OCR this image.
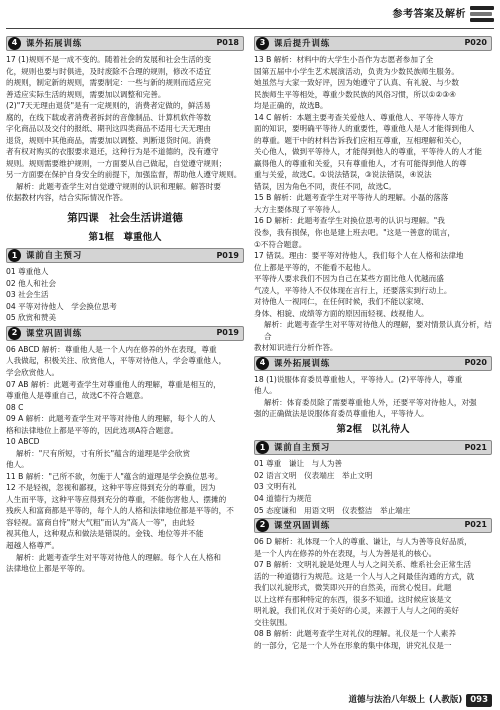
参考答案及解析
4	课外拓展训练	P018

17 (1)规则不是一成不变的。随着社会的发展和社会生活的变

化，规则也要与时俱进，及时废除不合理的规则，修改不适宜

的规则，制定新的规则，需要制定：一些与新的规则而适应完

善适应实际生活的规则，需要加以调整和完善。

(2)"7天无理由退货"是有一定规则的，消费者定做的，鲜活易

腐的，在线下载或者消费者拆封的音像制品、计算机软件等数

字化商品以及交付的报纸、期刊这四类商品不适用七天无理由

退货，规则中其他商品，需要加以调整、判断退货时间。消费

者有权对购买的衣服要求退还，这种行为是不道德的，没有遵守

规则。规则需要维护规则，一方面要从自己做起，自觉遵守规则；

另一方面要在保护自身安全的前提下，加强监督，帮助他人遵守规则。

解析：此题考查学生对自觉遵守规则的认识和理解。解答时要

依据教材内容，结合实际情况作答。

第四课　社会生活讲道德
第1框　尊重他人
1	课前自主预习	P019

01 尊重他人

02 他人和社会

03 社会生活

04 平等对待他人　学会换位思考

05 欣赏和赞美

2	课堂巩固训练	P019

06 ABCD 解析：尊重他人是一个人内在修养的外在表现，尊重

人我做起，积极关注、欣赏他人，平等对待他人，学会尊重他人，

学会欣赏他人。

07 AB 解析：此题考查学生对尊重他人的理解，尊重是相互的，

尊重他人是尊重自己，故选C不符合题意。

08 C

09 A 解析：此题考查学生对平等对待他人的理解，每个人的人

格和法律地位上都是平等的，因此选项A符合题意。

10 ABCD

解析："尺有所短，寸有所长"蕴含的道理是学会欣赏

他人。

11 B 解析："己所不欲，勿施于人"蕴含的道理是学会换位思考。

12 不是轻视，忽视和鄙视，这种平等应得到充分的尊重，因为

人生而平等，这种平等应得到充分的尊重，不能伤害他人、摆摊的

残疾人和富商都是平等的，每个人的人格和法律地位都是平等的，不

容轻视。富商自恃"财大气粗"而认为"高人一等"，由此轻

视其他人，这种观点和做法是错误的。金钱、地位等并不能

超越人格尊严。

解析：此题考查学生对平等对待他人的理解。每个人在人格和

法律地位上都是平等的。

3	课后提升训练	P020

13 B 解析：材料中的大学生小吾作为志愿者参加了全

国第五届中小学生艺术展演活动，负责为少数民族师生服务。

她虽然与大家一致好评，因为她遵守了认真、有礼貌、与少数

民族师生平等相处，尊重少数民族的风俗习惯，所以①②③④

均是正确的，故选B。

14 C 解析：本题主要考查关爱他人、尊重他人、平等待人等方

面的知识，要明确平等待人的重要性，尊重他人是人才能得到他人

的尊重。题干中的材料告诉我们应相互尊重，互相理解和关心，

关心他人，做到平等待人，才能得到他人的尊重，平等待人的人才能

赢得他人的尊重和关爱，只有尊重他人，才有可能得到他人的尊

重与关爱，故选C。①说法错误，③说法错误，④说法

错误，因为角色不同，责任不同，故选C。

15 B 解析：此题考查学生对平等待人的理解。小磊的落落

大方主要体现了平等待人。

16 D 解析：此题考查学生对换位思考的认识与理解。"我

没参，我有损保，你也是建上班去吧。"这是一善意的谎言，

①不符合题意。

17 错误。理由：要平等对待他人，我们每个人在人格和法律地

位上都是平等的，不能看不起他人。

平等待人要求我们不因为自己在某些方面比他人优越而盛

气凌人，平等待人不仅体现在言行上，还要落实到行动上。

对待他人一视同仁，在任何时候，我们不能以家境、

身体、相貌、成绩等方面的原因而轻视、歧视他人。

解析：此题考查学生对平等对待他人的理解，要对情景认真分析，结合

教材知识进行分析作答。

4	课外拓展训练	P020

18 (1)说服体育委员尊重他人，平等待人。(2)平等待人，尊重

他人。

解析：体育委员除了需要尊重他人外，还要平等对待他人，对强

强的正确做法是说服体育委员尊重他人，平等待人。

第2框　以礼待人
1	课前自主预习	P021

01 尊重　谦让　与人为善

02 语言文明　仪表端庄　举止文明

03 文明有礼

04 道德行为规范

05 态度谦和　用语文明　仪表整洁　举止端庄

2	课堂巩固训练	P021

06 D 解析：礼体现一个人的尊重、谦让，与人为善等良好品质，

是一个人内在修养的外在表现，与人为善是礼的核心。

07 B 解析：文明礼貌是处理人与人之间关系、维系社会正常生活

活的一种道德行为规范。这是一个人与人之间最佳沟通的方式，就

我们以礼貌形式，微笑即兴开的自然美，而赏心悦目。此题

以上这样有那种特定的东西，很多不知道。这时候应该是文

明礼貌，我们礼仪对于美好的心灵，来源于人与人之间的美好

交往氛围。

08 B 解析：此题考查学生对礼仪的理解。礼仪是一个人素养

的一部分，它是一个人外在形象的集中体现，讲究礼仪是一

道德与法治八年级上 (人教版) 093
